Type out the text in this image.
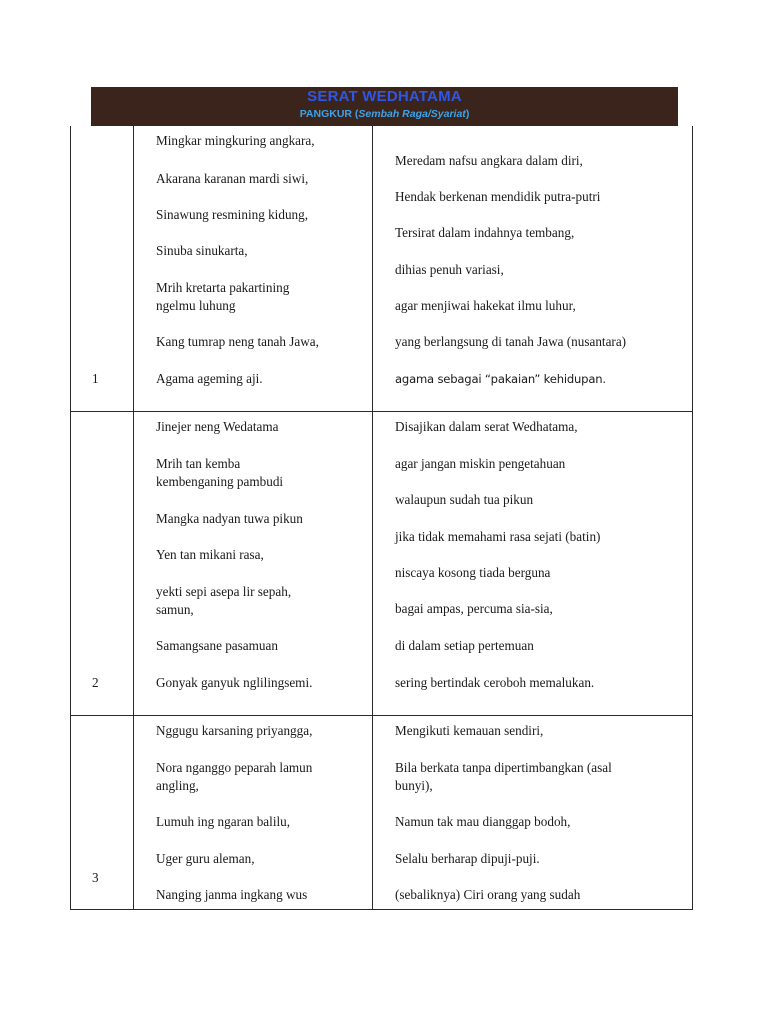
SERAT WEDHATAMA
PANGKUR (Sembah Raga/Syariat)
1
Mingkar mingkuring angkara,
Akarana karanan mardi siwi,
Sinawung resmining kidung,
Sinuba sinukarta,
Mrih kretarta pakartining
ngelmu luhung
Kang tumrap neng tanah Jawa,
Agama ageming aji.
Meredam nafsu angkara dalam diri,
Hendak berkenan mendidik putra-putri
Tersirat dalam indahnya tembang,
dihias penuh variasi,
agar menjiwai hakekat ilmu luhur,
yang berlangsung di tanah Jawa (nusantara)
agama sebagai “pakaian” kehidupan.
2
Jinejer neng Wedatama
Mrih tan kemba
kembenganing pambudi
Mangka nadyan tuwa pikun
Yen tan mikani rasa,
yekti sepi asepa lir sepah,
samun,
Samangsane pasamuan
Gonyak ganyuk nglilingsemi.
Disajikan dalam serat Wedhatama,
agar jangan miskin pengetahuan
walaupun sudah tua pikun
jika tidak memahami rasa sejati (batin)
niscaya kosong tiada berguna
bagai ampas, percuma sia-sia,
di dalam setiap pertemuan
sering bertindak ceroboh memalukan.
3
Nggugu karsaning priyangga,
Nora nganggo peparah lamun
angling,
Lumuh ing ngaran balilu,
Uger guru aleman,
Nanging janma ingkang wus
Mengikuti kemauan sendiri,
Bila berkata tanpa dipertimbangkan (asal
bunyi),
Namun tak mau dianggap bodoh,
Selalu berharap dipuji-puji.
(sebaliknya) Ciri orang yang sudah
